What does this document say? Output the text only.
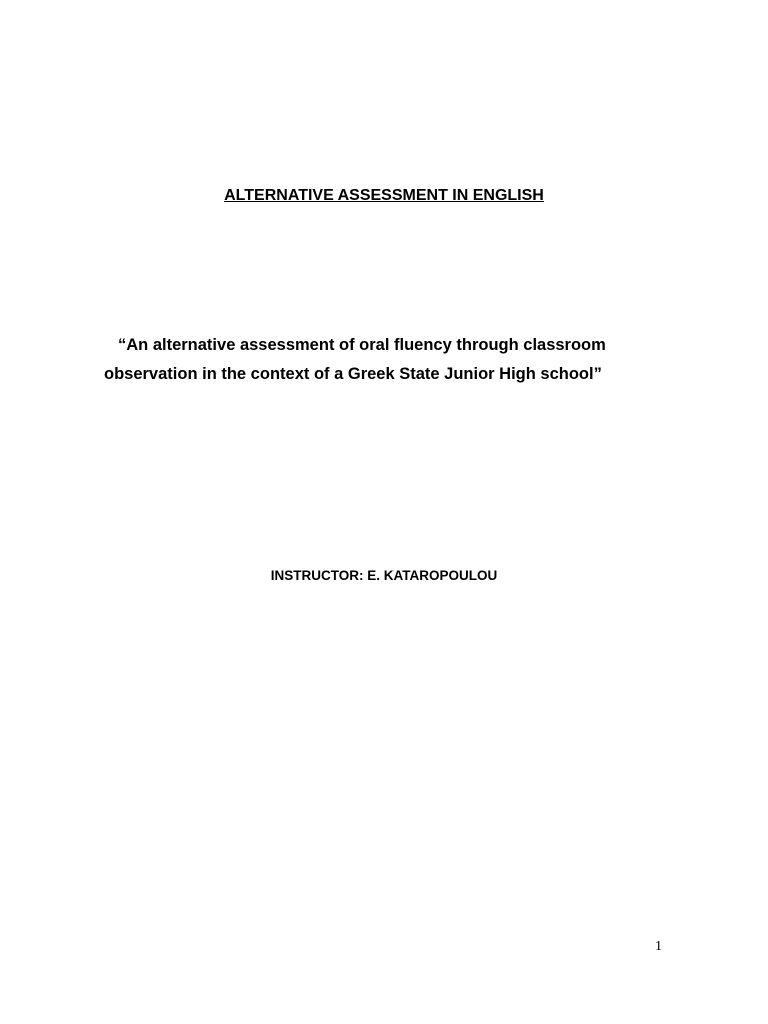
ALTERNATIVE ASSESSMENT IN ENGLISH
“An alternative assessment of oral fluency through classroom
observation in the context of a Greek State Junior High school”
INSTRUCTOR: E. KATAROPOULOU
1
